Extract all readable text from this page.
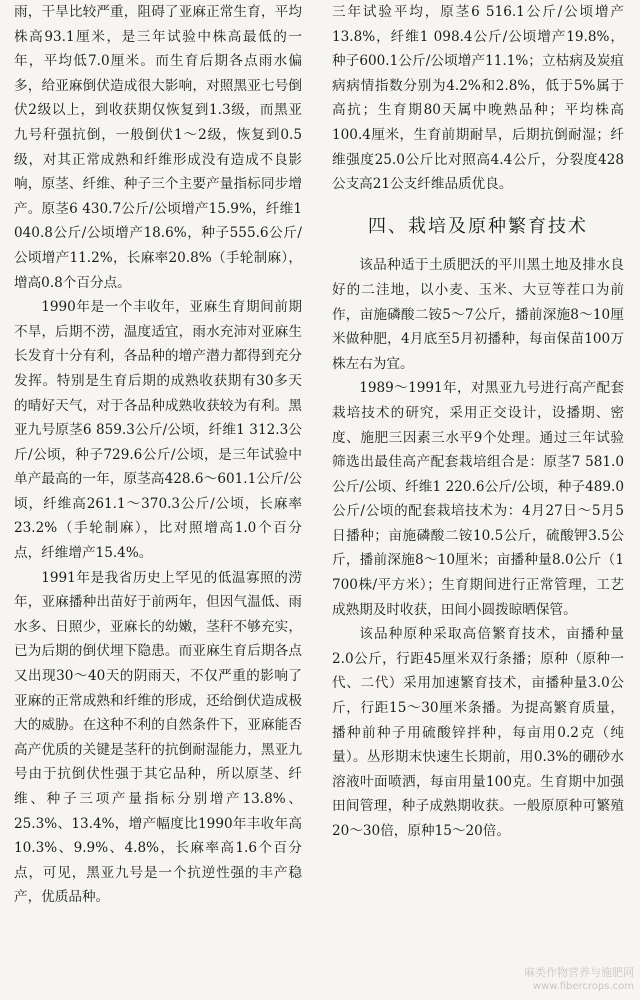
雨，干旱比较严重，阻碍了亚麻正常生育，平均株高93.1厘米，是三年试验中株高最低的一年，平均低7.0厘米。而生育后期各点雨水偏多，给亚麻倒伏造成很大影响，对照黑亚七号倒伏2级以上，到收获期仅恢复到1.3级，而黑亚九号秆强抗倒，一般倒伏1～2级，恢复到0.5级，对其正常成熟和纤维形成没有造成不良影响，原茎、纤维、种子三个主要产量指标同步增产。原茎6 430.7公斤/公顷增产15.9%，纤维1 040.8公斤/公顷增产18.6%，种子555.6公斤/公顷增产11.2%，长麻率20.8%（手轮制麻），增高0.8个百分点。

1990年是一个丰收年，亚麻生育期间前期不旱，后期不涝，温度适宜，雨水充沛对亚麻生长发育十分有利，各品种的增产潜力都得到充分发挥。特别是生育后期的成熟收获期有30多天的晴好天气，对于各品种成熟收获较为有利。黑亚九号原茎6 859.3公斤/公顷，纤维1 312.3公斤/公顷，种子729.6公斤/公顷，是三年试验中单产最高的一年，原茎高428.6～601.1公斤/公顷，纤维高261.1～370.3公斤/公顷，长麻率23.2%（手轮制麻），比对照增高1.0个百分点，纤维增产15.4%。

1991年是我省历史上罕见的低温寡照的涝年，亚麻播种出苗好于前两年，但因气温低、雨水多、日照少，亚麻长的幼嫩，茎秆不够充实，已为后期的倒伏埋下隐患。而亚麻生育后期各点又出现30～40天的阴雨天，不仅严重的影响了亚麻的正常成熟和纤维的形成，还给倒伏造成极大的威胁。在这种不利的自然条件下，亚麻能否高产优质的关键是茎秆的抗倒耐湿能力，黑亚九号由于抗倒伏性强于其它品种，所以原茎、纤维、种子三项产量指标分别增产13.8%、25.3%、13.4%，增产幅度比1990年丰收年高10.3%、9.9%、4.8%，长麻率高1.6个百分点，可见，黑亚九号是一个抗逆性强的丰产稳产，优质品种。

三年试验平均，原茎6 516.1公斤/公顷增产13.8%，纤维1 098.4公斤/公顷增产19.8%，种子600.1公斤/公顷增产11.1%；立枯病及炭疽病病情指数分别为4.2%和2.8%，低于5%属于高抗；生育期80天属中晚熟品种；平均株高100.4厘米，生育前期耐旱，后期抗倒耐湿；纤维强度25.0公斤比对照高4.4公斤，分裂度428公支高21公支纤维品质优良。

四、栽培及原种繁育技术

该品种适于土质肥沃的平川黑土地及排水良好的二洼地，以小麦、玉米、大豆等茬口为前作，亩施磷酸二铵5～7公斤，播前深施8～10厘米做种肥，4月底至5月初播种，每亩保苗100万株左右为宜。

1989～1991年，对黑亚九号进行高产配套栽培技术的研究，采用正交设计，设播期、密度、施肥三因素三水平9个处理。通过三年试验筛选出最佳高产配套栽培组合是：原茎7 581.0公斤/公顷、纤维1 220.6公斤/公顷，种子489.0公斤/公顷的配套栽培技术为：4月27日～5月5日播种；亩施磷酸二铵10.5公斤，硫酸钾3.5公斤，播前深施8～10厘米；亩播种量8.0公斤（1 700株/平方米）；生育期间进行正常管理，工艺成熟期及时收获，田间小圆拨晾晒保管。

该品种原种采取高倍繁育技术，亩播种量2.0公斤，行距45厘米双行条播；原种（原种一代、二代）采用加速繁育技术，亩播种量3.0公斤，行距15～30厘米条播。为提高繁育质量，播种前种子用硫酸锌拌种，每亩用0.2克（纯量）。丛形期末快速生长期前，用0.3%的硼砂水溶液叶面喷洒，每亩用量100克。生育期中加强田间管理，种子成熟期收获。一般原原种可繁殖20～30倍，原种15～20倍。

麻类作物营养与施肥网
www.fibercrops.com
